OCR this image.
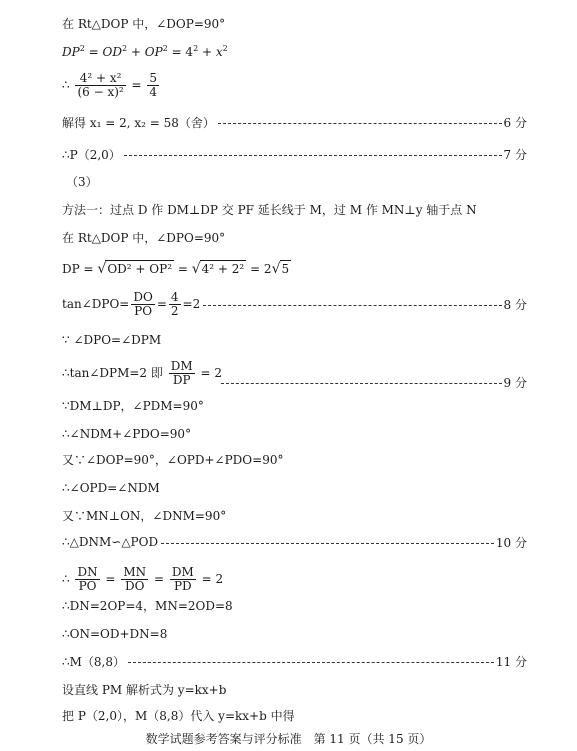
在 Rt△DOP 中，∠DOP=90°
$DP^2 = OD^2 + OP^2 = 4^2 + x^2$
∴ $\frac{\text{4² + x²}}{\text{(6 − x)²}} = \frac{5}{4}$
解得 x₁ = 2, x₂ = 58（舍）	6 分
∴P（2,0）	7 分
（3）
方法一：过点 D 作 DM⊥DP 交 PF 延长线于 M，过 M 作 MN⊥y 轴于点 N
在 Rt△DOP 中，∠DPO=90°
DP = √OD² + OP² = √4² + 2² = 2√5
tan∠DPO= $\frac{DO}{PO} = \frac{4}{2} =2$	8 分
∵ ∠DPO=∠DPM
∴tan∠DPM=2 即 $\frac{DM}{DP} = 2$
9 分
∵DM⊥DP，∠PDM=90°
∴∠NDM+∠PDO=90°
又∵∠DOP=90°，∠OPD+∠PDO=90°
∴∠OPD=∠NDM
又∵MN⊥ON，∠DNM=90°
∴△DNM∽△POD	10 分
∴ $\frac{DN}{PO} = \frac{MN}{DO} = \frac{DM}{PD} = 2$
∴DN=2OP=4，MN=2OD=8
∴ON=OD+DN=8
∴M（8,8）	11 分
设直线 PM 解析式为 y=kx+b
把 P（2,0），M（8,8）代入 y=kx+b 中得
数学试题参考答案与评分标准　第 11 页（共 15 页）
